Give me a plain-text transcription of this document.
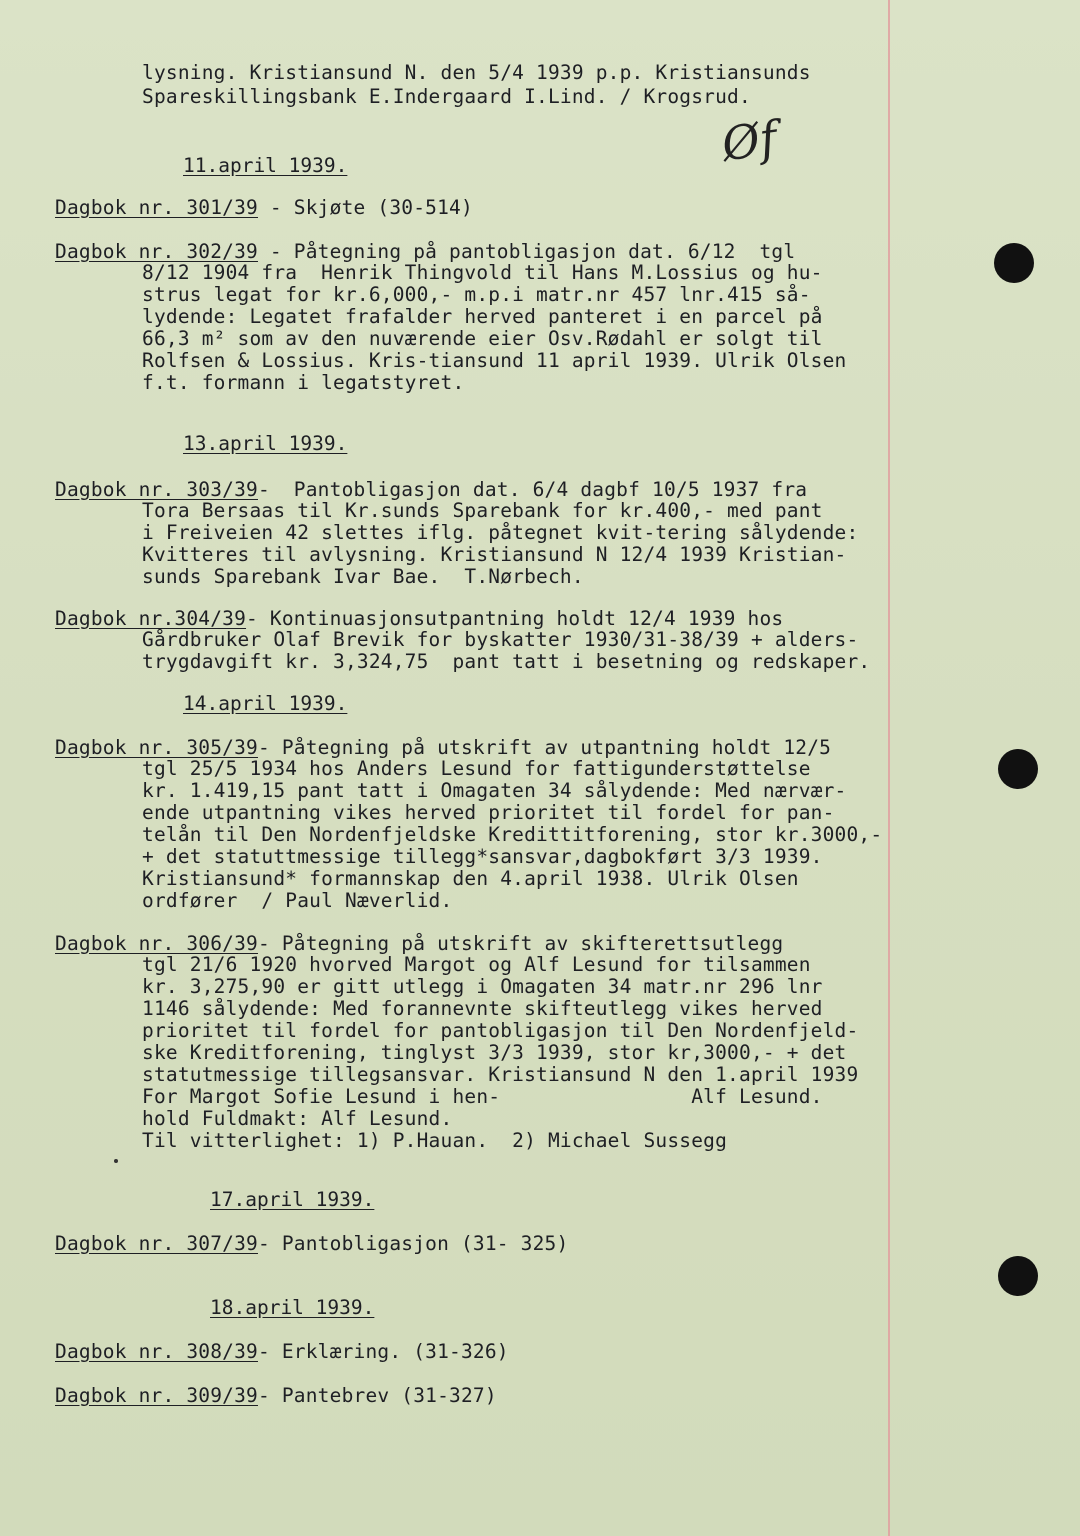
lysning. Kristiansund N. den 5/4 1939 p.p. Kristiansunds
Spareskillingsbank E.Indergaard I.Lind. / Krogsrud.
Øf
11.april 1939.
Dagbok nr. 301/39 - Skjøte (30-514)
Dagbok nr. 302/39 - Påtegning på pantobligasjon dat. 6/12  tgl
8/12 1904 fra  Henrik Thingvold til Hans M.Lossius og hu-
strus legat for kr.6,000,- m.p.i matr.nr 457 lnr.415 så-
lydende: Legatet frafalder herved panteret i en parcel på
66,3 m² som av den nuværende eier Osv.Rødahl er solgt til
Rolfsen & Lossius. Kris-tiansund 11 april 1939. Ulrik Olsen
f.t. formann i legatstyret.
13.april 1939.
Dagbok nr. 303/39-  Pantobligasjon dat. 6/4 dagbf 10/5 1937 fra
Tora Bersaas til Kr.sunds Sparebank for kr.400,- med pant
i Freiveien 42 slettes iflg. påtegnet kvit-tering sålydende:
Kvitteres til avlysning. Kristiansund N 12/4 1939 Kristian-
sunds Sparebank Ivar Bae.  T.Nørbech.
Dagbok nr.304/39- Kontinuasjonsutpantning holdt 12/4 1939 hos
Gårdbruker Olaf Brevik for byskatter 1930/31-38/39 + alders-
trygdavgift kr. 3,324,75  pant tatt i besetning og redskaper.
14.april 1939.
Dagbok nr. 305/39- Påtegning på utskrift av utpantning holdt 12/5
tgl 25/5 1934 hos Anders Lesund for fattigunderstøttelse
kr. 1.419,15 pant tatt i Omagaten 34 sålydende: Med nærvær-
ende utpantning vikes herved prioritet til fordel for pan-
telån til Den Nordenfjeldske Kredittitforening, stor kr.3000,-
+ det statuttmessige tillegg*sansvar,dagbokført 3/3 1939.
Kristiansund* formannskap den 4.april 1938. Ulrik Olsen
ordfører  / Paul Næverlid.
Dagbok nr. 306/39- Påtegning på utskrift av skifterettsutlegg
tgl 21/6 1920 hvorved Margot og Alf Lesund for tilsammen
kr. 3,275,90 er gitt utlegg i Omagaten 34 matr.nr 296 lnr
1146 sålydende: Med forannevnte skifteutlegg vikes herved
prioritet til fordel for pantobligasjon til Den Nordenfjeld-
ske Kreditforening, tinglyst 3/3 1939, stor kr,3000,- + det
statutmessige tillegsansvar. Kristiansund N den 1.april 1939
For Margot Sofie Lesund i hen-                Alf Lesund.
hold Fuldmakt: Alf Lesund.
Til vitterlighet: 1) P.Hauan.  2) Michael Sussegg
17.april 1939.
Dagbok nr. 307/39- Pantobligasjon (31- 325)
18.april 1939.
Dagbok nr. 308/39- Erklæring. (31-326)
Dagbok nr. 309/39- Pantebrev (31-327)
